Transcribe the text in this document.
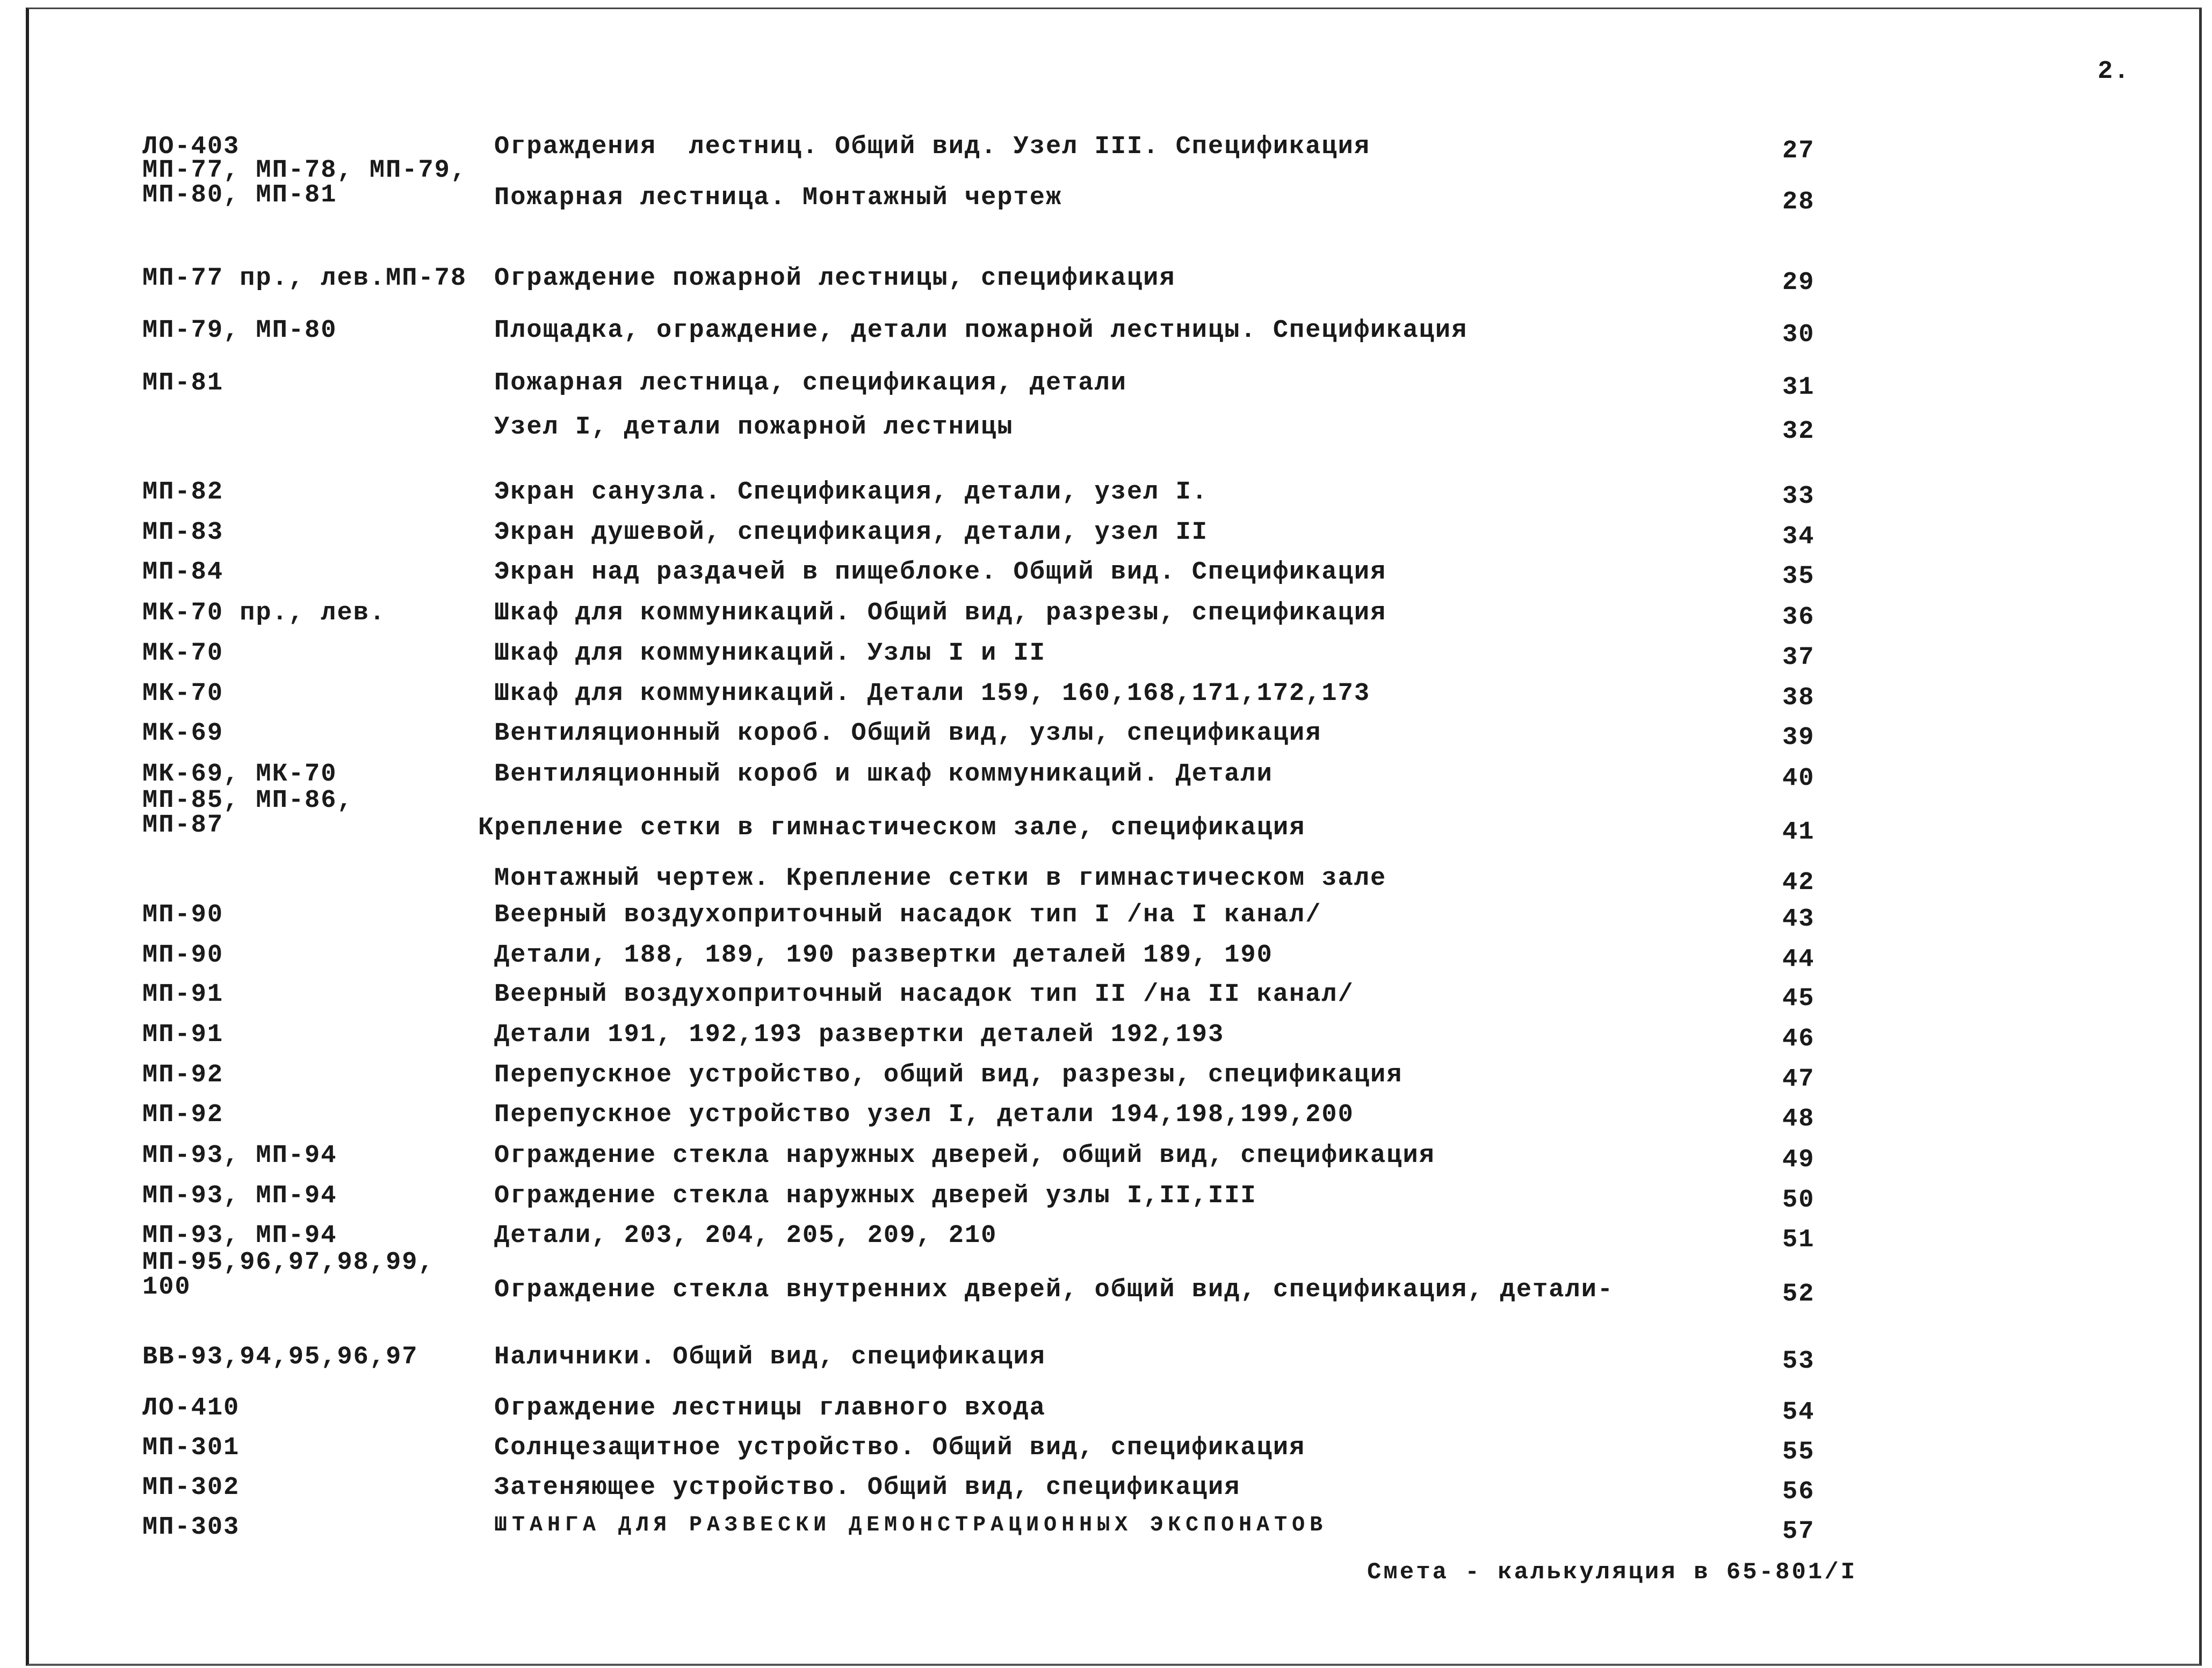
2.
ЛО-403	Ограждения  лестниц. Общий вид. Узел III. Спецификация	27
МП-77, МП-78, МП-79,
МП-80, МП-81	Пожарная лестница. Монтажный чертеж	28
МП-77 пр., лев.МП-78 Ограждение пожарной лестницы, спецификация	29
МП-79, МП-80	Площадка, ограждение, детали пожарной лестницы. Спецификация	30
МП-81	Пожарная лестница, спецификация, детали	31
Узел I, детали пожарной лестницы	32
МП-82	Экран санузла. Спецификация, детали, узел I.	33
МП-83	Экран душевой, спецификация, детали, узел II	34
МП-84	Экран над раздачей в пищеблоке. Общий вид. Спецификация	35
МК-70 пр., лев.	Шкаф для коммуникаций. Общий вид, разрезы, спецификация	36
МК-70	Шкаф для коммуникаций. Узлы I и II	37
МК-70	Шкаф для коммуникаций. Детали 159, 160,168,171,172,173	38
МК-69	Вентиляционный короб. Общий вид, узлы, спецификация	39
МК-69, МК-70	Вентиляционный короб и шкаф коммуникаций. Детали	40
МП-85, МП-86,
МП-87	Крепление сетки в гимнастическом зале, спецификация	41
Монтажный чертеж. Крепление сетки в гимнастическом зале	42
МП-90	Веерный воздухоприточный насадок тип I /на I канал/	43
МП-90	Детали, 188, 189, 190 развертки деталей 189, 190	44
МП-91	Веерный воздухоприточный насадок тип II /на II канал/	45
МП-91	Детали 191, 192,193 развертки деталей 192,193	46
МП-92	Перепускное устройство, общий вид, разрезы, спецификация	47
МП-92	Перепускное устройство узел I, детали 194,198,199,200	48
МП-93, МП-94	Ограждение стекла наружных дверей, общий вид, спецификация	49
МП-93, МП-94	Ограждение стекла наружных дверей узлы I,II,III	50
МП-93, МП-94	Детали, 203, 204, 205, 209, 210	51
МП-95,96,97,98,99,
100	Ограждение стекла внутренних дверей, общий вид, спецификация, детали-	52
ВВ-93,94,95,96,97	Наличники. Общий вид, спецификация	53
ЛО-410	Ограждение лестницы главного входа	54
МП-301	Солнцезащитное устройство. Общий вид, спецификация	55
МП-302	Затеняющее устройство. Общий вид, спецификация	56
МП-303	ШТАНГА ДЛЯ РАЗВЕСКИ ДЕМОНСТРАЦИОННЫХ ЭКСПОНАТОВ	57
Смета - калькуляция в 65-801/I
